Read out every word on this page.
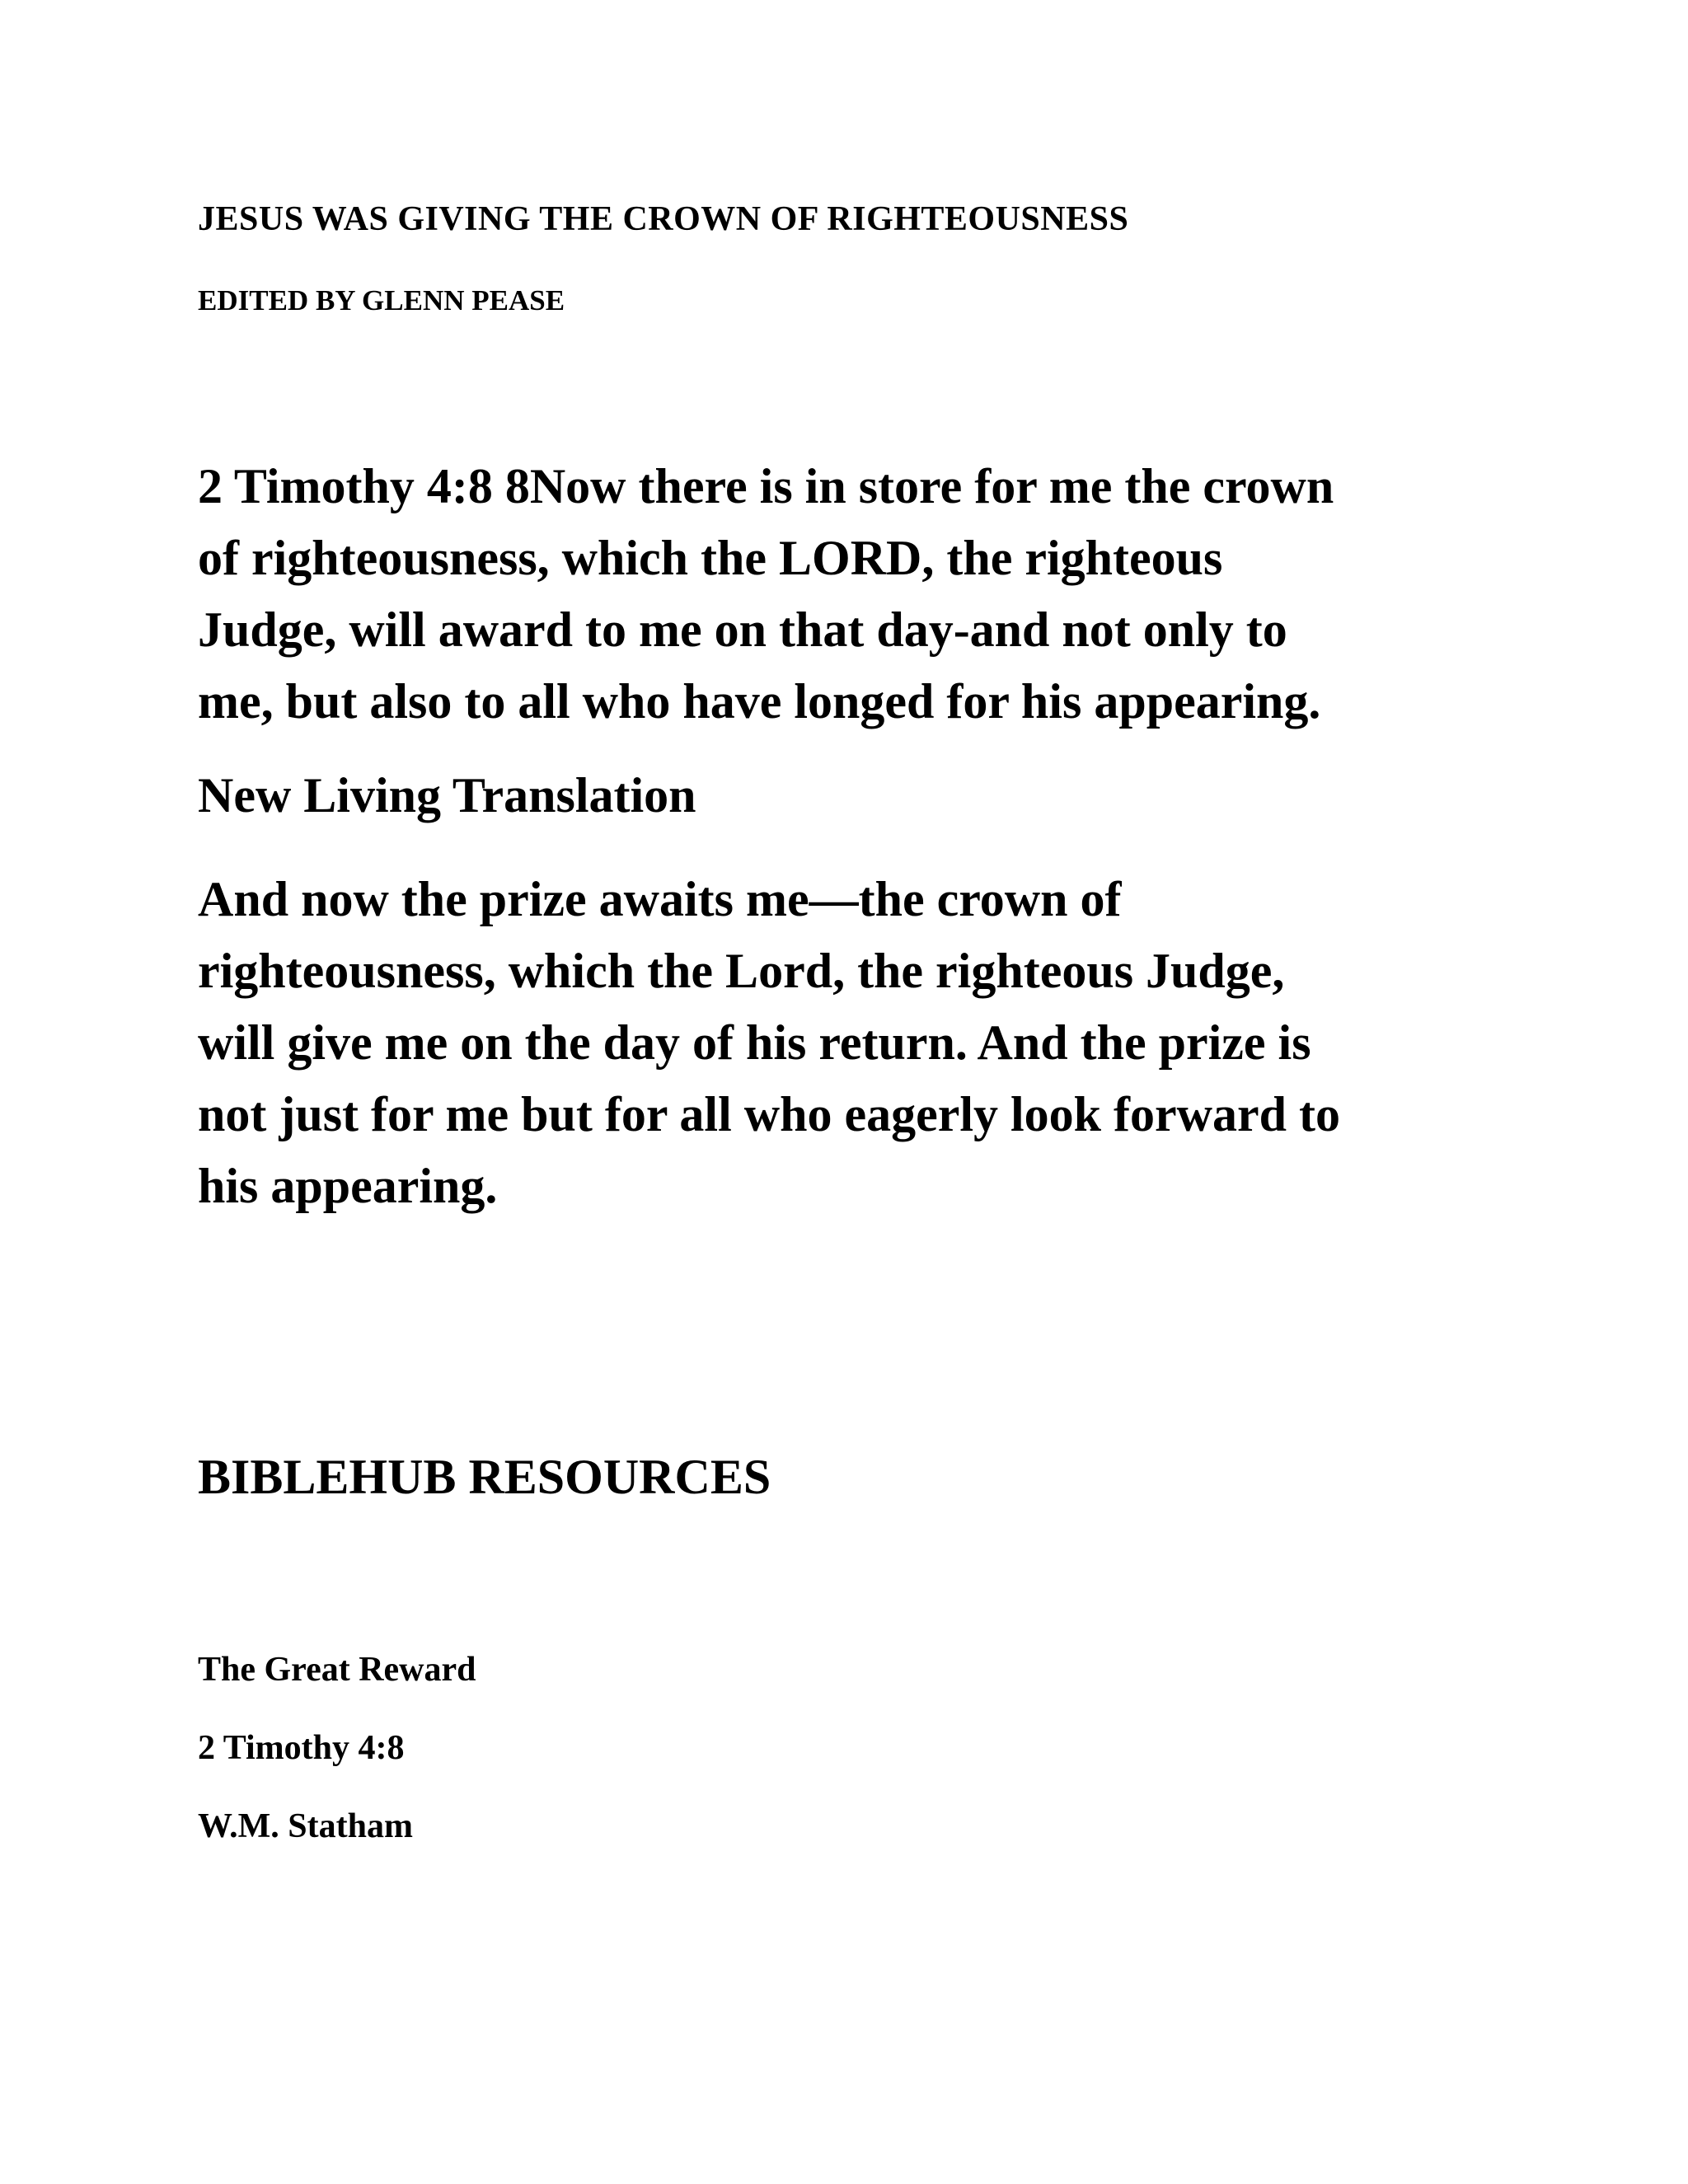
JESUS WAS GIVING THE CROWN OF RIGHTEOUSNESS
EDITED BY GLENN PEASE
2 Timothy 4:8 8Now there is in store for me the crown
of righteousness, which the LORD, the righteous
Judge, will award to me on that day-and not only to
me, but also to all who have longed for his appearing.
New Living Translation
And now the prize awaits me—the crown of
righteousness, which the Lord, the righteous Judge,
will give me on the day of his return. And the prize is
not just for me but for all who eagerly look forward to
his appearing.
BIBLEHUB RESOURCES
The Great Reward
2 Timothy 4:8
W.M. Statham
